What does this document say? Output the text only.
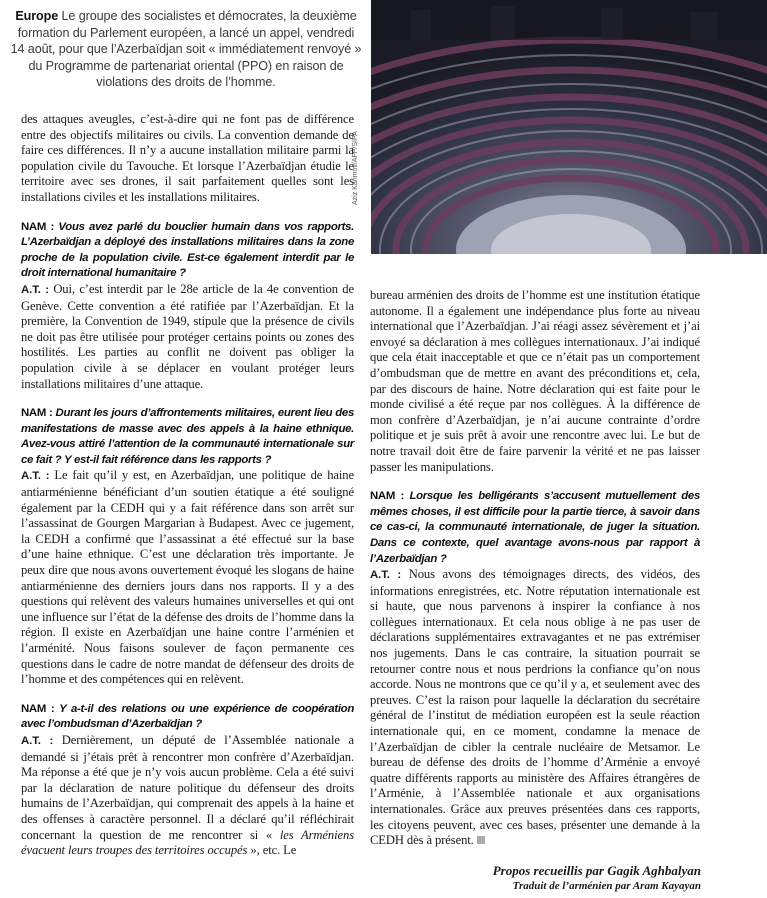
Europe Le groupe des socialistes et démocrates, la deuxième formation du Parlement européen, a lancé un appel, vendredi 14 août, pour que l’Azerbaïdjan soit « immédiatement renvoyé » du Programme de partenariat oriental (PPO) en raison de violations des droits de l’homme.
Aziz Karimov/AFP/SIPA

des attaques aveugles, c’est-à-dire qui ne font pas de différence entre des objectifs militaires ou civils. La convention demande de faire ces différences. Il n’y a aucune installation militaire parmi la population civile du Tavouche. Et lorsque l’Azerbaïdjan étudie le territoire avec ses drones, il sait parfaitement quelles sont les installations civiles et les installations militaires.

NAM : Vous avez parlé du bouclier humain dans vos rapports. L’Azerbaïdjan a déployé des installations militaires dans la zone proche de la population civile. Est-ce également interdit par le droit international humanitaire ?

A.T. : Oui, c’est interdit par le 28e article de la 4e convention de Genève. Cette convention a été ratifiée par l’Azerbaïdjan. Et la première, la Convention de 1949, stipule que la présence de civils ne doit pas être utilisée pour protéger certains points ou zones des hostilités. Les parties au conflit ne doivent pas obliger la population civile à se déplacer en voulant protéger leurs installations militaires d’une attaque.

NAM : Durant les jours d’affrontements militaires, eurent lieu des manifestations de masse avec des appels à la haine ethnique. Avez-vous attiré l’attention de la communauté internationale sur ce fait ? Y est-il fait référence dans les rapports ?

A.T. : Le fait qu’il y est, en Azerbaïdjan, une politique de haine antiarménienne bénéficiant d’un soutien étatique a été souligné également par la CEDH qui y a fait référence dans son arrêt sur l’assassinat de Gourgen Margarian à Budapest. Avec ce jugement, la CEDH a confirmé que l’assassinat a été effectué sur la base d’une haine ethnique. C’est une déclaration très importante. Je peux dire que nous avons ouvertement évoqué les slogans de haine antiarménienne des derniers jours dans nos rapports. Il y a des questions qui relèvent des valeurs humaines universelles et qui ont une influence sur l’état de la défense des droits de l’homme dans la région. Il existe en Azerbaïdjan une haine contre l’arménien et l’arménité. Nous faisons soulever de façon permanente ces questions dans le cadre de notre mandat de défenseur des droits de l’homme et des compétences qui en relèvent.

NAM : Y a-t-il des relations ou une expérience de coopération avec l’ombudsman d’Azerbaïdjan ?

A.T. : Dernièrement, un député de l’Assemblée nationale a demandé si j’étais prêt à rencontrer mon confrère d’Azerbaïdjan. Ma réponse a été que je n’y vois aucun problème. Cela a été suivi par la déclaration de nature politique du défenseur des droits humains de l’Azerbaïdjan, qui comprenait des appels à la haine et des offenses à caractère personnel. Il a déclaré qu’il réfléchirait concernant la question de me rencontrer si « les Arméniens évacuent leurs troupes des territoires occupés », etc. Le

bureau arménien des droits de l’homme est une institution étatique autonome. Il a également une indépendance plus forte au niveau international que l’Azerbaïdjan. J’ai réagi assez sévèrement et j’ai envoyé sa déclaration à mes collègues internationaux. J’ai indiqué que cela était inacceptable et que ce n’était pas un comportement d’ombudsman que de mettre en avant des préconditions et, cela, par des discours de haine. Notre déclaration qui est faite pour le monde civilisé a été reçue par nos collègues. À la différence de mon confrère d’Azerbaïdjan, je n’ai aucune contrainte d’ordre politique et je suis prêt à avoir une rencontre avec lui. Le but de notre travail doit être de faire parvenir la vérité et ne pas laisser passer les manipulations.

NAM : Lorsque les belligérants s’accusent mutuellement des mêmes choses, il est difficile pour la partie tierce, à savoir dans ce cas-ci, la communauté internationale, de juger la situation. Dans ce contexte, quel avantage avons-nous par rapport à l’Azerbaïdjan ?

A.T. : Nous avons des témoignages directs, des vidéos, des informations enregistrées, etc. Notre réputation internationale est si haute, que nous parvenons à inspirer la confiance à nos collègues internationaux. Et cela nous oblige à ne pas user de déclarations supplémentaires extravagantes et ne pas extrémiser nos jugements. Dans le cas contraire, la situation pourrait se retourner contre nous et nous perdrions la confiance qu’on nous accorde. Nous ne montrons que ce qu’il y a, et seulement avec des preuves. C’est la raison pour laquelle la déclaration du secrétaire général de l’institut de médiation européen est la seule réaction internationale qui, en ce moment, condamne la menace de l’Azerbaïdjan de cibler la centrale nucléaire de Metsamor. Le bureau de défense des droits de l’homme d’Arménie a envoyé quatre différents rapports au ministère des Affaires étrangères de l’Arménie, à l’Assemblée nationale et aux organisations internationales. Grâce aux preuves présentées dans ces rapports, les citoyens peuvent, avec ces bases, présenter une demande à la CEDH dès à présent.

Propos recueillis par Gagik Aghbalyan
Traduit de l’arménien par Aram Kayayan
